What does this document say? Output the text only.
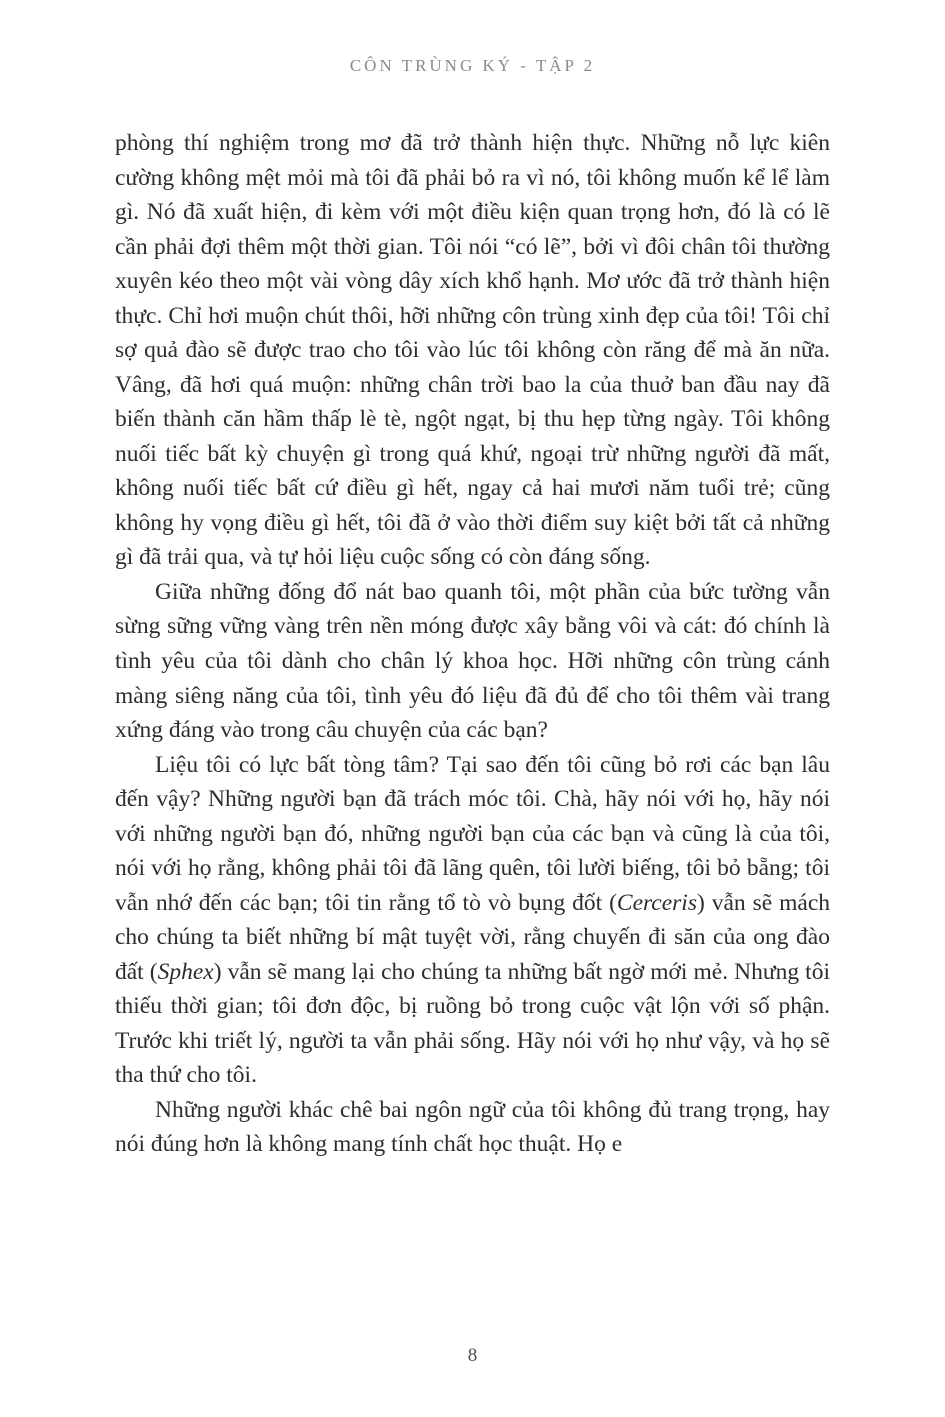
CÔN TRÙNG KÝ - TẬP 2

phòng thí nghiệm trong mơ đã trở thành hiện thực. Những nỗ lực kiên cường không mệt mỏi mà tôi đã phải bỏ ra vì nó, tôi không muốn kể lể làm gì. Nó đã xuất hiện, đi kèm với một điều kiện quan trọng hơn, đó là có lẽ cần phải đợi thêm một thời gian. Tôi nói “có lẽ”, bởi vì đôi chân tôi thường xuyên kéo theo một vài vòng dây xích khổ hạnh. Mơ ước đã trở thành hiện thực. Chỉ hơi muộn chút thôi, hỡi những côn trùng xinh đẹp của tôi! Tôi chỉ sợ quả đào sẽ được trao cho tôi vào lúc tôi không còn răng để mà ăn nữa. Vâng, đã hơi quá muộn: những chân trời bao la của thuở ban đầu nay đã biến thành căn hầm thấp lè tè, ngột ngạt, bị thu hẹp từng ngày. Tôi không nuối tiếc bất kỳ chuyện gì trong quá khứ, ngoại trừ những người đã mất, không nuối tiếc bất cứ điều gì hết, ngay cả hai mươi năm tuổi trẻ; cũng không hy vọng điều gì hết, tôi đã ở vào thời điểm suy kiệt bởi tất cả những gì đã trải qua, và tự hỏi liệu cuộc sống có còn đáng sống.

Giữa những đống đổ nát bao quanh tôi, một phần của bức tường vẫn sừng sững vững vàng trên nền móng được xây bằng vôi và cát: đó chính là tình yêu của tôi dành cho chân lý khoa học. Hỡi những côn trùng cánh màng siêng năng của tôi, tình yêu đó liệu đã đủ để cho tôi thêm vài trang xứng đáng vào trong câu chuyện của các bạn?

Liệu tôi có lực bất tòng tâm? Tại sao đến tôi cũng bỏ rơi các bạn lâu đến vậy? Những người bạn đã trách móc tôi. Chà, hãy nói với họ, hãy nói với những người bạn đó, những người bạn của các bạn và cũng là của tôi, nói với họ rằng, không phải tôi đã lãng quên, tôi lười biếng, tôi bỏ bẵng; tôi vẫn nhớ đến các bạn; tôi tin rằng tổ tò vò bụng đốt (Cerceris) vẫn sẽ mách cho chúng ta biết những bí mật tuyệt vời, rằng chuyến đi săn của ong đào đất (Sphex) vẫn sẽ mang lại cho chúng ta những bất ngờ mới mẻ. Nhưng tôi thiếu thời gian; tôi đơn độc, bị ruồng bỏ trong cuộc vật lộn với số phận. Trước khi triết lý, người ta vẫn phải sống. Hãy nói với họ như vậy, và họ sẽ tha thứ cho tôi.

Những người khác chê bai ngôn ngữ của tôi không đủ trang trọng, hay nói đúng hơn là không mang tính chất học thuật. Họ e

8
